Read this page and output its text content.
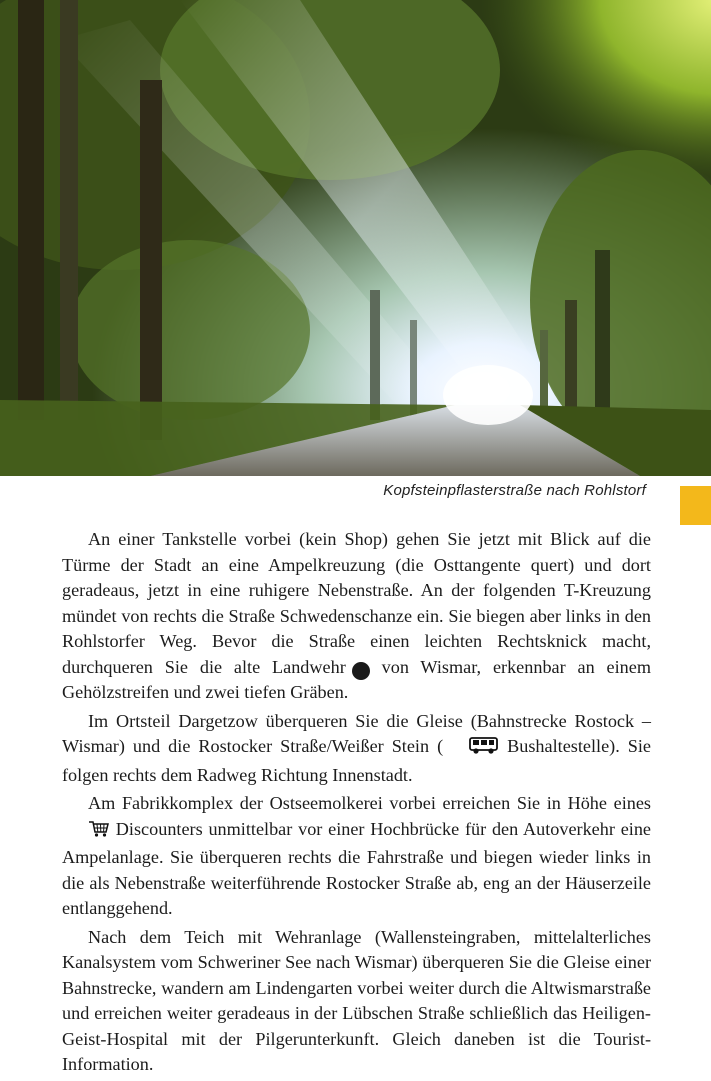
Kopfsteinpflasterstraße nach Rohlstorf

An einer Tankstelle vorbei (kein Shop) gehen Sie jetzt mit Blick auf die Türme der Stadt an eine Ampelkreuzung (die Osttangente quert) und dort geradeaus, jetzt in eine ruhigere Nebenstraße. An der folgenden T-Kreuzung mündet von rechts die Straße Schwedenschanze ein. Sie biegen aber links in den Rohlstorfer Weg. Bevor die Straße einen leichten Rechtsknick macht, durchqueren Sie die alte Landwehr 7 von Wismar, erkennbar an einem Gehölzstreifen und zwei tiefen Gräben.

Im Ortsteil Dargetzow überqueren Sie die Gleise (Bahnstrecke Rostock – Wismar) und die Rostocker Straße/Weißer Stein (	Bushaltestelle). Sie folgen rechts dem Radweg Richtung Innenstadt.

Am Fabrikkomplex der Ostseemolkerei vorbei erreichen Sie in Höhe eines  Discounters unmittelbar vor einer Hochbrücke für den Autoverkehr eine Ampelanlage. Sie überqueren rechts die Fahrstraße und biegen wieder links in die als Nebenstraße weiterführende Rostocker Straße ab, eng an der Häuserzeile entlanggehend.

Nach dem Teich mit Wehranlage (Wallensteingraben, mittelalterliches Kanalsystem vom Schweriner See nach Wismar) überqueren Sie die Gleise einer Bahnstrecke, wandern am Lindengarten vorbei weiter durch die Altwismarstraße und erreichen weiter geradeaus in der Lübschen Straße schließlich das Heiligen-Geist-Hospital mit der Pilgerunterkunft. Gleich daneben ist die Tourist-Information.
